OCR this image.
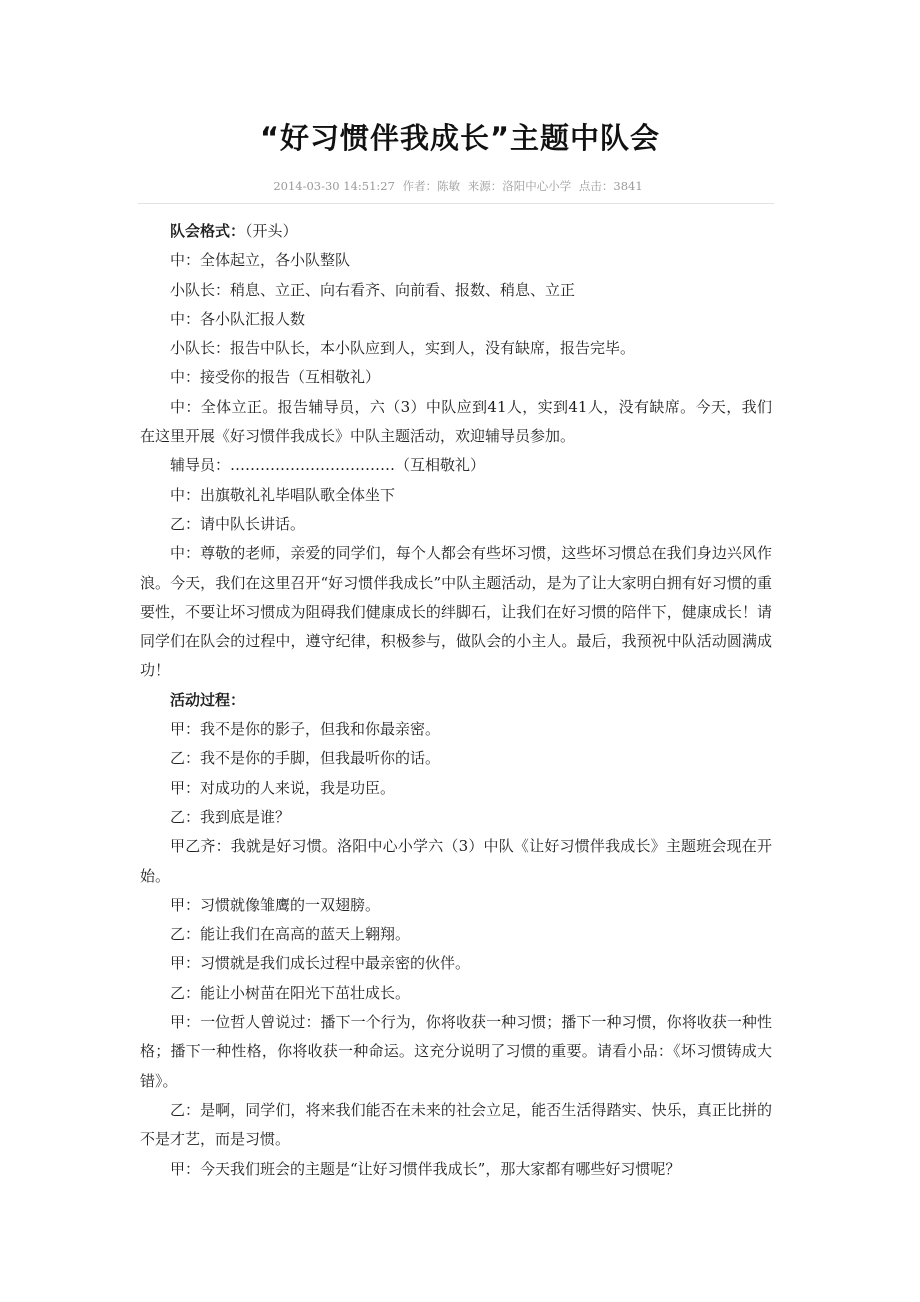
“好习惯伴我成长”主题中队会
2014-03-30 14:51:27 作者：陈敏 来源：洛阳中心小学 点击：3841

队会格式：（开头）

中：全体起立，各小队整队

小队长：稍息、立正、向右看齐、向前看、报数、稍息、立正

中：各小队汇报人数

小队长：报告中队长，本小队应到人，实到人，没有缺席，报告完毕。

中：接受你的报告（互相敬礼）

中：全体立正。报告辅导员，六（3）中队应到41人，实到41人，没有缺席。今天，我们在这里开展《好习惯伴我成长》中队主题活动，欢迎辅导员参加。

辅导员：……………………………（互相敬礼）

中：出旗敬礼礼毕唱队歌全体坐下

乙：请中队长讲话。

中：尊敬的老师，亲爱的同学们，每个人都会有些坏习惯，这些坏习惯总在我们身边兴风作浪。今天，我们在这里召开“好习惯伴我成长”中队主题活动，是为了让大家明白拥有好习惯的重要性，不要让坏习惯成为阻碍我们健康成长的绊脚石，让我们在好习惯的陪伴下，健康成长！请同学们在队会的过程中，遵守纪律，积极参与，做队会的小主人。最后，我预祝中队活动圆满成功！

活动过程：

甲：我不是你的影子，但我和你最亲密。

乙：我不是你的手脚，但我最听你的话。

甲：对成功的人来说，我是功臣。

乙：我到底是谁？

甲乙齐：我就是好习惯。洛阳中心小学六（3）中队《让好习惯伴我成长》主题班会现在开始。

甲：习惯就像雏鹰的一双翅膀。

乙：能让我们在高高的蓝天上翱翔。

甲：习惯就是我们成长过程中最亲密的伙伴。

乙：能让小树苗在阳光下茁壮成长。

甲：一位哲人曾说过：播下一个行为，你将收获一种习惯；播下一种习惯，你将收获一种性格；播下一种性格，你将收获一种命运。这充分说明了习惯的重要。请看小品：《坏习惯铸成大错》。

乙：是啊，同学们，将来我们能否在未来的社会立足，能否生活得踏实、快乐，真正比拼的不是才艺，而是习惯。

甲：今天我们班会的主题是“让好习惯伴我成长”，那大家都有哪些好习惯呢？
